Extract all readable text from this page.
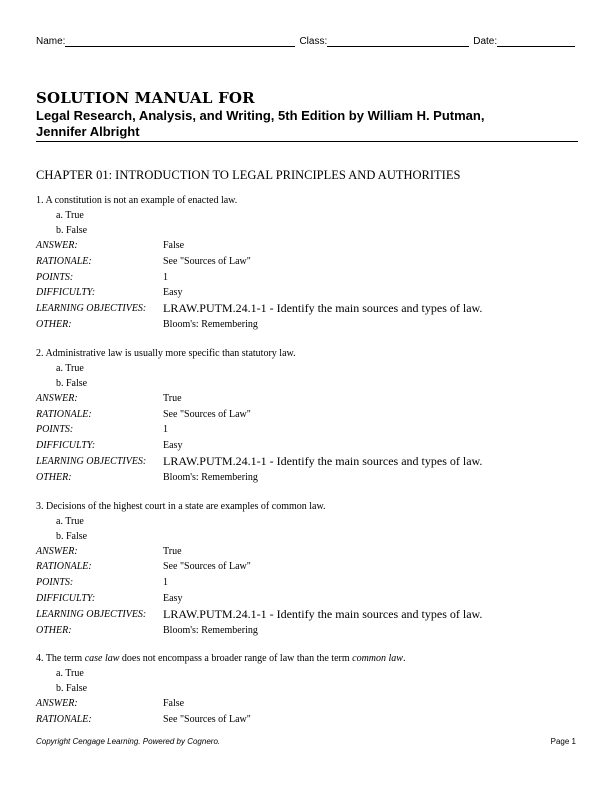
Name:	Class:	Date:
SOLUTION MANUAL FOR
Legal Research, Analysis, and Writing, 5th Edition by William H. Putman,
Jennifer Albright
CHAPTER 01: INTRODUCTION TO LEGAL PRINCIPLES AND AUTHORITIES
1. A constitution is not an example of enacted law.
a. True
b. False
ANSWER:	False
RATIONALE:	See "Sources of Law"
POINTS:	1
DIFFICULTY:	Easy
LEARNING OBJECTIVES:	LRAW.PUTM.24.1-1 - Identify the main sources and types of law.
OTHER:	Bloom's: Remembering
2. Administrative law is usually more specific than statutory law.
a. True
b. False
ANSWER:	True
RATIONALE:	See "Sources of Law"
POINTS:	1
DIFFICULTY:	Easy
LEARNING OBJECTIVES:	LRAW.PUTM.24.1-1 - Identify the main sources and types of law.
OTHER:	Bloom's: Remembering
3. Decisions of the highest court in a state are examples of common law.
a. True
b. False
ANSWER:	True
RATIONALE:	See "Sources of Law"
POINTS:	1
DIFFICULTY:	Easy
LEARNING OBJECTIVES:	LRAW.PUTM.24.1-1 - Identify the main sources and types of law.
OTHER:	Bloom's: Remembering
4. The term case law does not encompass a broader range of law than the term common law.
a. True
b. False
ANSWER:	False
RATIONALE:	See "Sources of Law"
Copyright Cengage Learning. Powered by Cognero.	Page 1
